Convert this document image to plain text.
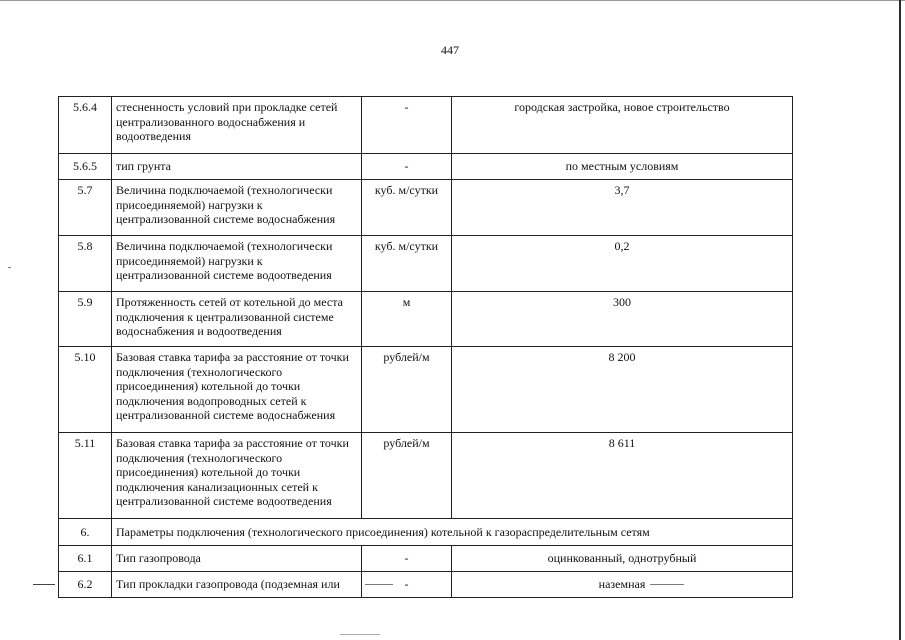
447
5.6.4	стесненность условий при прокладке сетей централизованного водоснабжения и водоотведения	-	городская застройка, новое строительство
5.6.5	тип грунта	-	по местным условиям
5.7	Величина подключаемой (технологически присоединяемой) нагрузки к централизованной системе водоснабжения	куб. м/сутки	3,7
5.8	Величина подключаемой (технологически присоединяемой) нагрузки к централизованной системе водоотведения	куб. м/сутки	0,2
5.9	Протяженность сетей от котельной до места подключения к централизованной системе водоснабжения и водоотведения	м	300
5.10	Базовая ставка тарифа за расстояние от точки подключения (технологического присоединения) котельной до точки подключения водопроводных сетей к централизованной системе водоснабжения	рублей/м	8 200
5.11	Базовая ставка тарифа за расстояние от точки подключения (технологического присоединения) котельной до точки подключения канализационных сетей к централизованной системе водоотведения	рублей/м	8 611
6.	Параметры подключения (технологического присоединения) котельной к газораспределительным сетям		
6.1	Тип газопровода	-	оцинкованный, однотрубный
6.2	Тип прокладки газопровода (подземная или	-	наземная
